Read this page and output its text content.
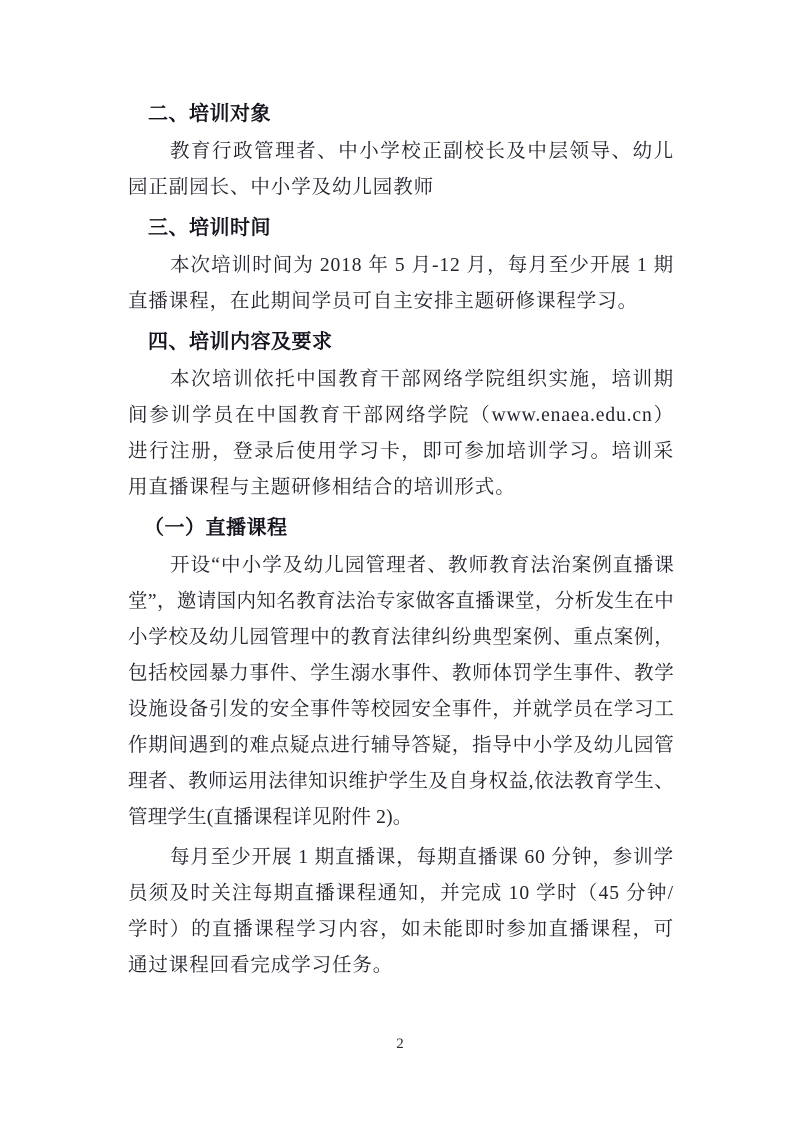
二、培训对象

教育行政管理者、中小学校正副校长及中层领导、幼儿园正副园长、中小学及幼儿园教师

三、培训时间

本次培训时间为 2018 年 5 月-12 月，每月至少开展 1 期直播课程，在此期间学员可自主安排主题研修课程学习。

四、培训内容及要求

本次培训依托中国教育干部网络学院组织实施，培训期间参训学员在中国教育干部网络学院（www.enaea.edu.cn）进行注册，登录后使用学习卡，即可参加培训学习。培训采用直播课程与主题研修相结合的培训形式。

（一）直播课程

开设“中小学及幼儿园管理者、教师教育法治案例直播课堂”，邀请国内知名教育法治专家做客直播课堂，分析发生在中小学校及幼儿园管理中的教育法律纠纷典型案例、重点案例，包括校园暴力事件、学生溺水事件、教师体罚学生事件、教学设施设备引发的安全事件等校园安全事件，并就学员在学习工作期间遇到的难点疑点进行辅导答疑，指导中小学及幼儿园管理者、教师运用法律知识维护学生及自身权益,依法教育学生、管理学生(直播课程详见附件 2)。

每月至少开展 1 期直播课，每期直播课 60 分钟，参训学员须及时关注每期直播课程通知，并完成 10 学时（45 分钟/学时）的直播课程学习内容，如未能即时参加直播课程，可通过课程回看完成学习任务。

2
